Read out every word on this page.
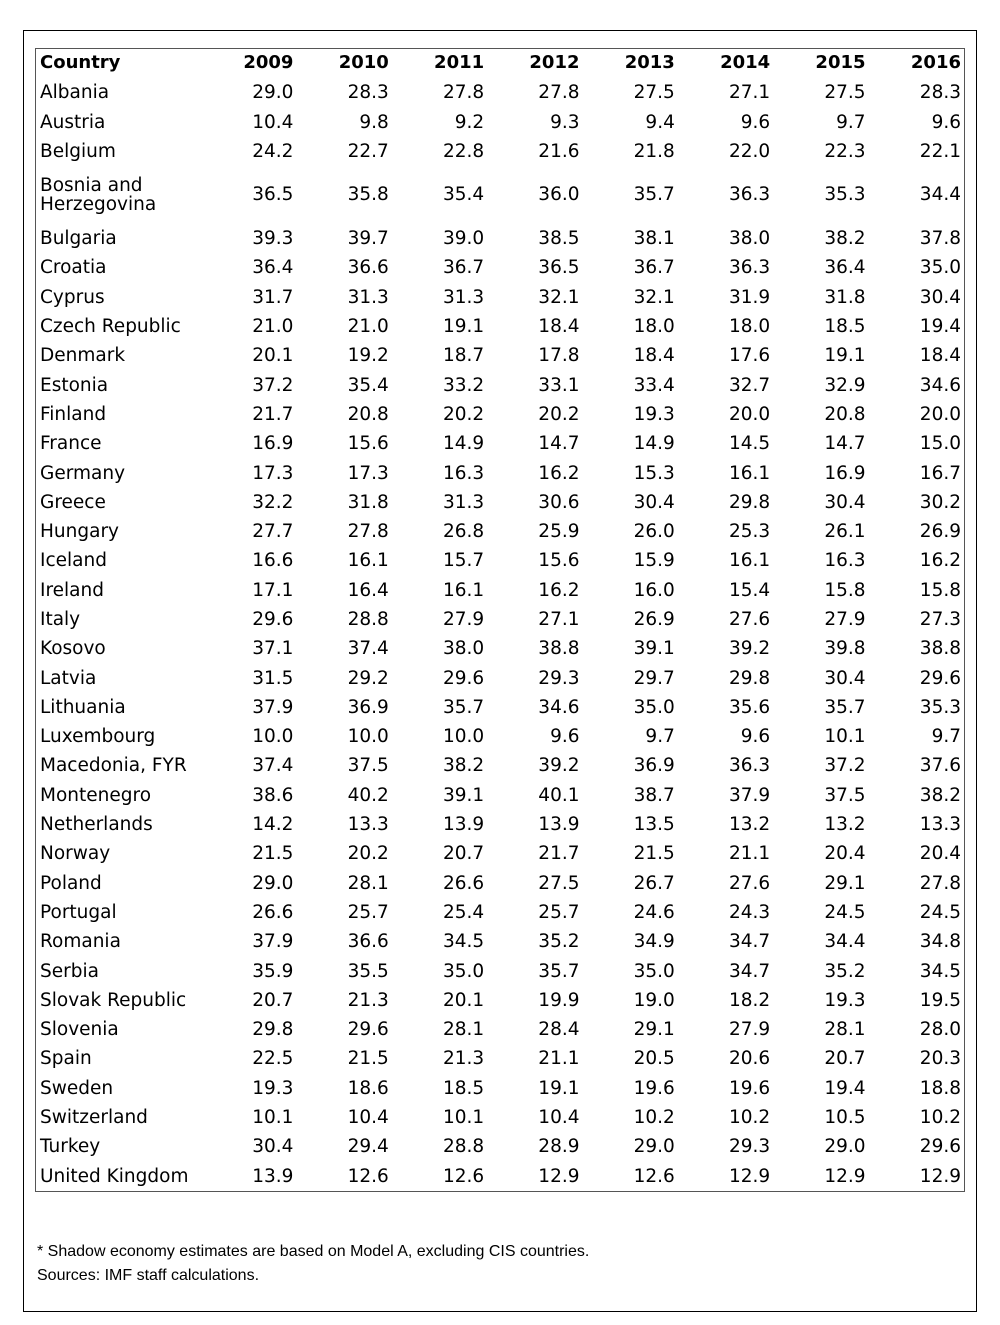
Country	2009	2010	2011	2012	2013	2014	2015	2016
Albania	29.0	28.3	27.8	27.8	27.5	27.1	27.5	28.3
Austria	10.4	9.8	9.2	9.3	9.4	9.6	9.7	9.6
Belgium	24.2	22.7	22.8	21.6	21.8	22.0	22.3	22.1
Bosnia and Herzegovina	36.5	35.8	35.4	36.0	35.7	36.3	35.3	34.4
Bulgaria	39.3	39.7	39.0	38.5	38.1	38.0	38.2	37.8
Croatia	36.4	36.6	36.7	36.5	36.7	36.3	36.4	35.0
Cyprus	31.7	31.3	31.3	32.1	32.1	31.9	31.8	30.4
Czech Republic	21.0	21.0	19.1	18.4	18.0	18.0	18.5	19.4
Denmark	20.1	19.2	18.7	17.8	18.4	17.6	19.1	18.4
Estonia	37.2	35.4	33.2	33.1	33.4	32.7	32.9	34.6
Finland	21.7	20.8	20.2	20.2	19.3	20.0	20.8	20.0
France	16.9	15.6	14.9	14.7	14.9	14.5	14.7	15.0
Germany	17.3	17.3	16.3	16.2	15.3	16.1	16.9	16.7
Greece	32.2	31.8	31.3	30.6	30.4	29.8	30.4	30.2
Hungary	27.7	27.8	26.8	25.9	26.0	25.3	26.1	26.9
Iceland	16.6	16.1	15.7	15.6	15.9	16.1	16.3	16.2
Ireland	17.1	16.4	16.1	16.2	16.0	15.4	15.8	15.8
Italy	29.6	28.8	27.9	27.1	26.9	27.6	27.9	27.3
Kosovo	37.1	37.4	38.0	38.8	39.1	39.2	39.8	38.8
Latvia	31.5	29.2	29.6	29.3	29.7	29.8	30.4	29.6
Lithuania	37.9	36.9	35.7	34.6	35.0	35.6	35.7	35.3
Luxembourg	10.0	10.0	10.0	9.6	9.7	9.6	10.1	9.7
Macedonia, FYR	37.4	37.5	38.2	39.2	36.9	36.3	37.2	37.6
Montenegro	38.6	40.2	39.1	40.1	38.7	37.9	37.5	38.2
Netherlands	14.2	13.3	13.9	13.9	13.5	13.2	13.2	13.3
Norway	21.5	20.2	20.7	21.7	21.5	21.1	20.4	20.4
Poland	29.0	28.1	26.6	27.5	26.7	27.6	29.1	27.8
Portugal	26.6	25.7	25.4	25.7	24.6	24.3	24.5	24.5
Romania	37.9	36.6	34.5	35.2	34.9	34.7	34.4	34.8
Serbia	35.9	35.5	35.0	35.7	35.0	34.7	35.2	34.5
Slovak Republic	20.7	21.3	20.1	19.9	19.0	18.2	19.3	19.5
Slovenia	29.8	29.6	28.1	28.4	29.1	27.9	28.1	28.0
Spain	22.5	21.5	21.3	21.1	20.5	20.6	20.7	20.3
Sweden	19.3	18.6	18.5	19.1	19.6	19.6	19.4	18.8
Switzerland	10.1	10.4	10.1	10.4	10.2	10.2	10.5	10.2
Turkey	30.4	29.4	28.8	28.9	29.0	29.3	29.0	29.6
United Kingdom	13.9	12.6	12.6	12.9	12.6	12.9	12.9	12.9
* Shadow economy estimates are based on Model A, excluding CIS countries.
Sources: IMF staff calculations.
